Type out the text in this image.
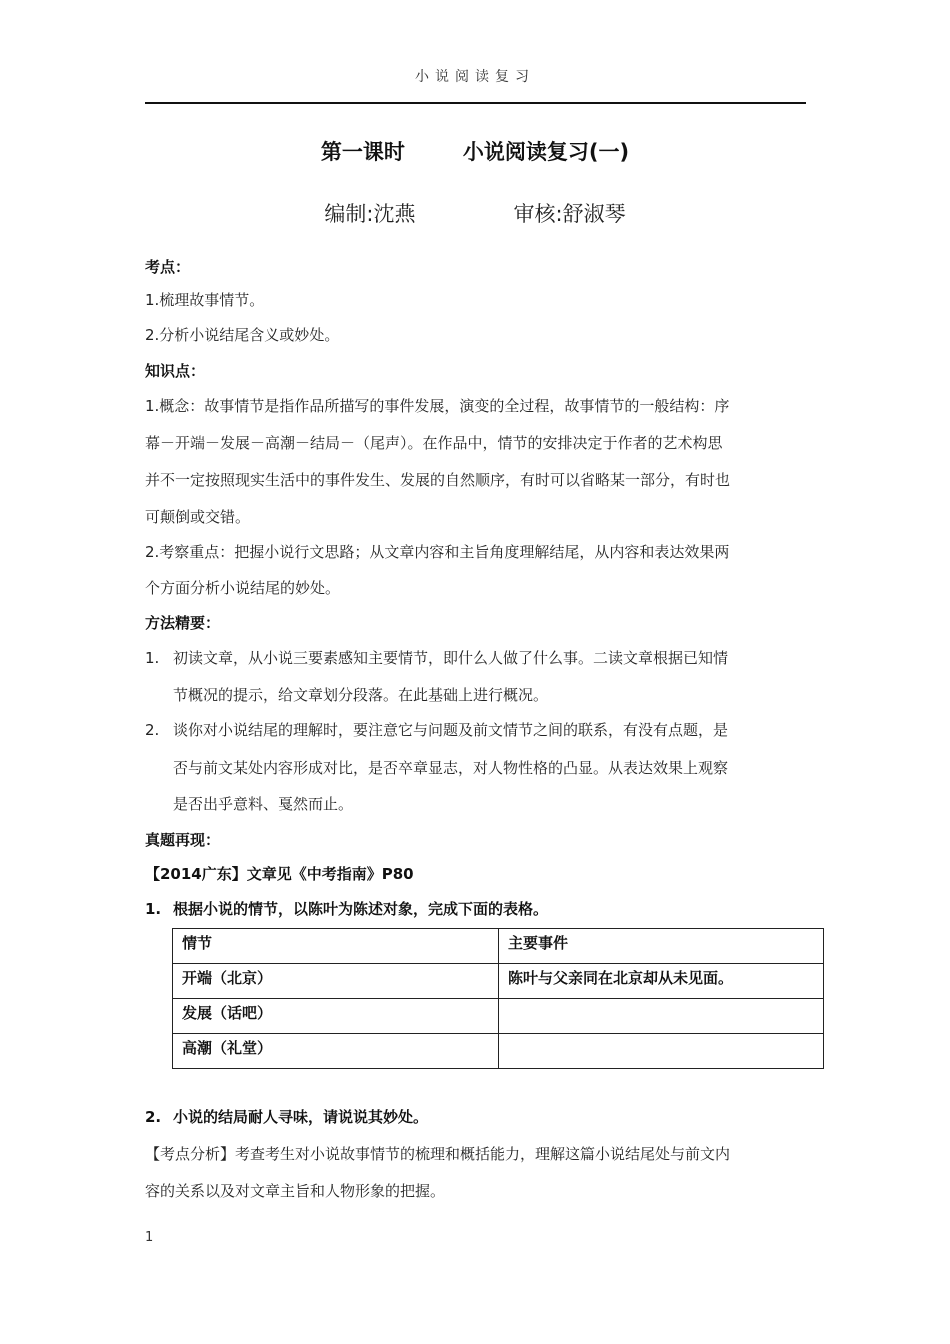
小说阅读复习
第一课时	小说阅读复习(一)
编制:沈燕	审核:舒淑琴
考点：
1.梳理故事情节。
2.分析小说结尾含义或妙处。
知识点：
1.概念：故事情节是指作品所描写的事件发展，演变的全过程，故事情节的一般结构：序
幕－开端－发展－高潮－结局－（尾声）。在作品中，情节的安排决定于作者的艺术构思
并不一定按照现实生活中的事件发生、发展的自然顺序，有时可以省略某一部分，有时也
可颠倒或交错。
2.考察重点：把握小说行文思路；从文章内容和主旨角度理解结尾，从内容和表达效果两
个方面分析小说结尾的妙处。
方法精要：
1. 初读文章，从小说三要素感知主要情节，即什么人做了什么事。二读文章根据已知情
节概况的提示，给文章划分段落。在此基础上进行概况。
2. 谈你对小说结尾的理解时，要注意它与问题及前文情节之间的联系，有没有点题，是
否与前文某处内容形成对比，是否卒章显志，对人物性格的凸显。从表达效果上观察
是否出乎意料、戛然而止。
真题再现：
【2014广东】文章见《中考指南》P80
1. 根据小说的情节，以陈叶为陈述对象，完成下面的表格。
情节	主要事件
开端（北京）	陈叶与父亲同在北京却从未见面。
发展（话吧）	
高潮（礼堂）	
2. 小说的结局耐人寻味，请说说其妙处。
【考点分析】考查考生对小说故事情节的梳理和概括能力，理解这篇小说结尾处与前文内
容的关系以及对文章主旨和人物形象的把握。
1
